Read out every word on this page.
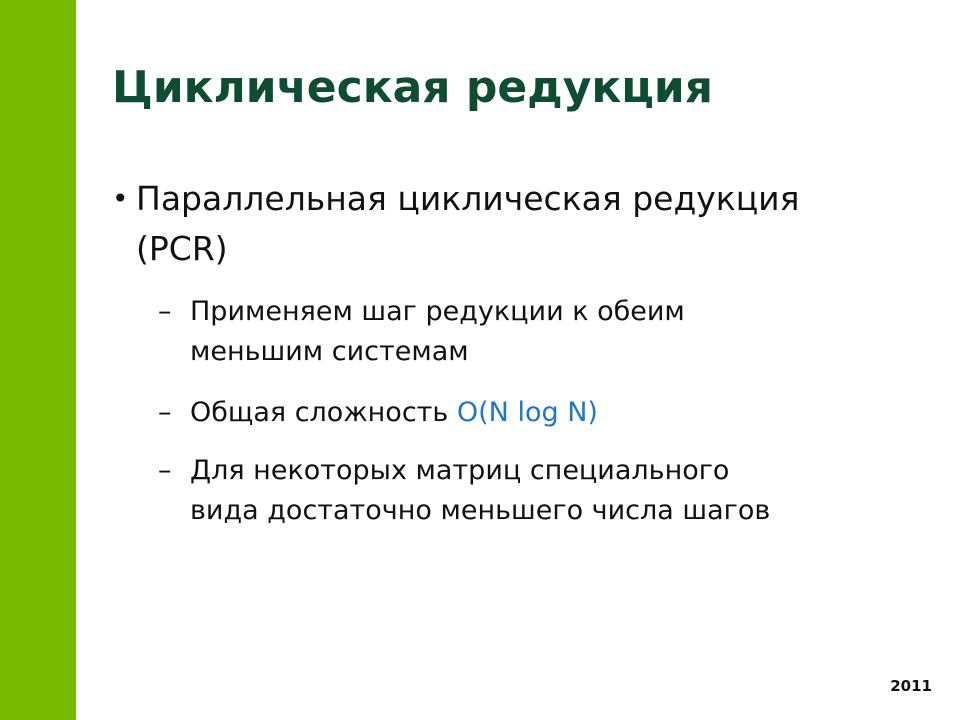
Циклическая редукция
• Параллельная циклическая редукция
(PCR)
– Применяем шаг редукции к обеим
меньшим системам
– Общая сложность O(N log N)
– Для некоторых матриц специального
вида достаточно меньшего числа шагов
2011
